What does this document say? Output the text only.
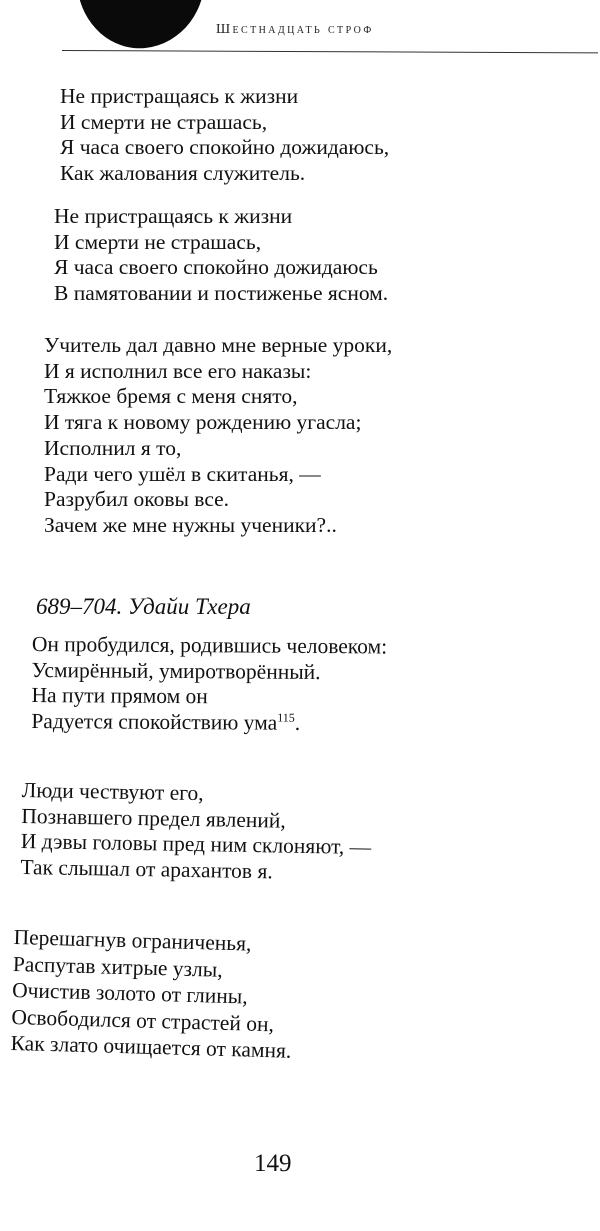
Шестнадцать строф
Не пристращаясь к жизни
И смерти не страшась,
Я часа своего спокойно дожидаюсь,
Как жалования служитель.
Не пристращаясь к жизни
И смерти не страшась,
Я часа своего спокойно дожидаюсь
В памятовании и постиженье ясном.
Учитель дал давно мне верные уроки,
И я исполнил все его наказы:
Тяжкое бремя с меня снято,
И тяга к новому рождению угасла;
Исполнил я то,
Ради чего ушёл в скитанья, —
Разрубил оковы все.
Зачем же мне нужны ученики?..
689–704. Удайи Тхера
Он пробудился, родившись человеком:
Усмирённый, умиротворённый.
На пути прямом он
Радуется спокойствию ума$^{115}$.
Люди чествуют его,
Познавшего предел явлений,
И дэвы головы пред ним склоняют, —
Так слышал от арахантов я.
Перешагнув ограниченья,
Распутав хитрые узлы,
Очистив золото от глины,
Освободился от страстей он,
Как злато очищается от камня.
149
